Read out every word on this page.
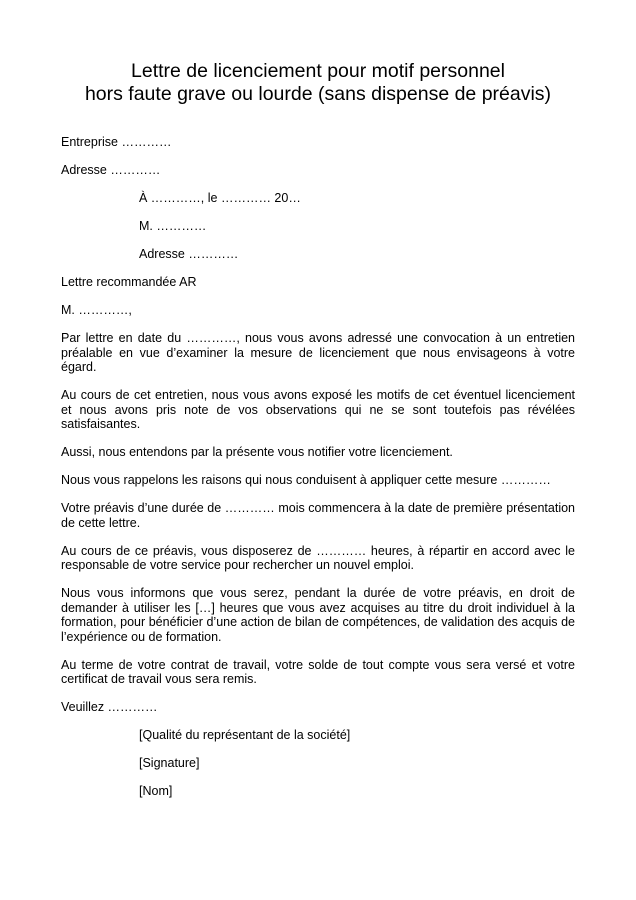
Lettre de licenciement pour motif personnel
hors faute grave ou lourde (sans dispense de préavis)
Entreprise …………
Adresse …………
À …………, le ………… 20…
M. …………
Adresse …………
Lettre recommandée AR
M. …………,

Par lettre en date du …………, nous vous avons adressé une convocation à un entretien préalable en vue d’examiner la mesure de licenciement que nous envisageons à votre égard.

Au cours de cet entretien, nous vous avons exposé les motifs de cet éventuel licenciement et nous avons pris note de vos observations qui ne se sont toutefois pas révélées satisfaisantes.

Aussi, nous entendons par la présente vous notifier votre licenciement.

Nous vous rappelons les raisons qui nous conduisent à appliquer cette mesure …………

Votre préavis d’une durée de ………… mois commencera à la date de première présentation de cette lettre.

Au cours de ce préavis, vous disposerez de ………… heures, à répartir en accord avec le responsable de votre service pour rechercher un nouvel emploi.

Nous vous informons que vous serez, pendant la durée de votre préavis, en droit de demander à utiliser les […] heures que vous avez acquises au titre du droit individuel à la formation, pour bénéficier d’une action de bilan de compétences, de validation des acquis de l’expérience ou de formation.

Au terme de votre contrat de travail, votre solde de tout compte vous sera versé et votre certificat de travail vous sera remis.

Veuillez …………
[Qualité du représentant de la société]
[Signature]
[Nom]
